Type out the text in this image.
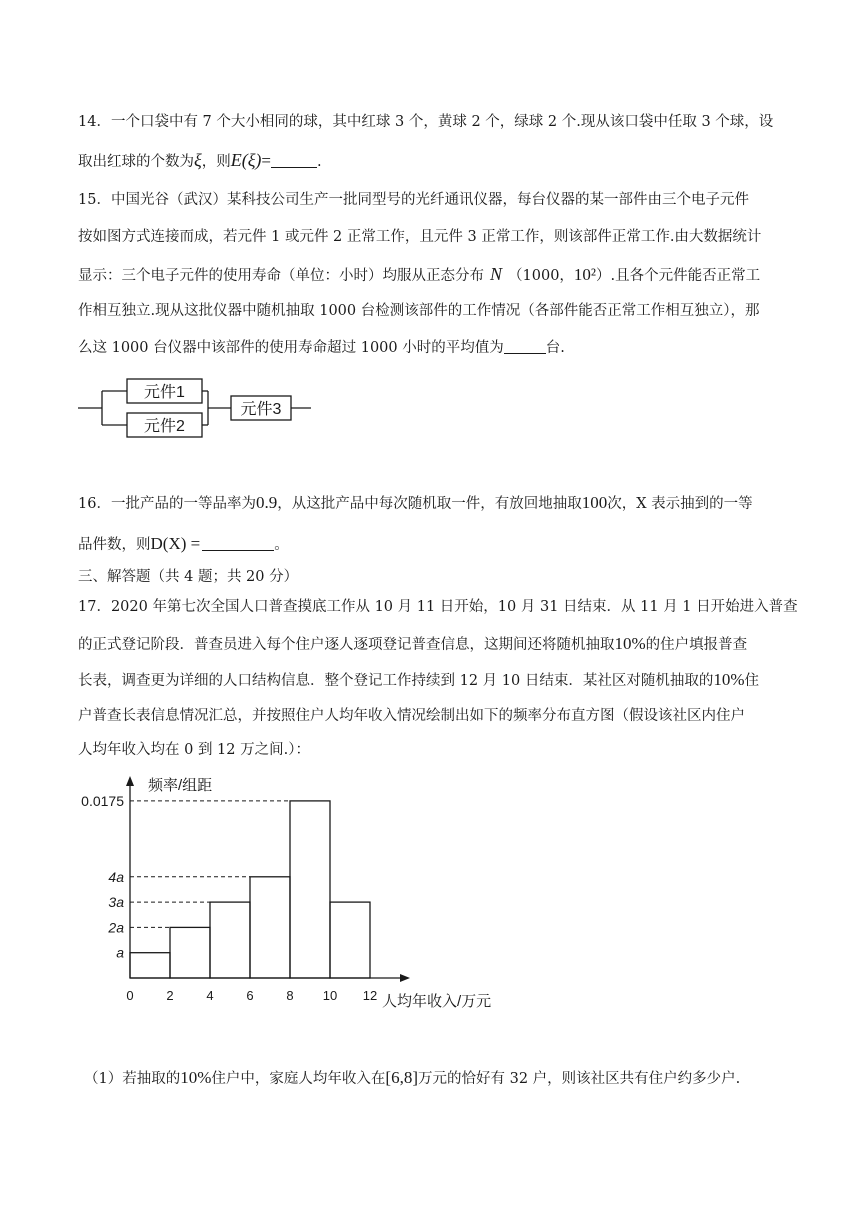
14．一个口袋中有 7 个大小相同的球，其中红球 3 个，黄球 2 个，绿球 2 个.现从该口袋中任取 3 个球，设
取出红球的个数为ξ，则E(ξ)=	.
15．中国光谷（武汉）某科技公司生产一批同型号的光纤通讯仪器，每台仪器的某一部件由三个电子元件
按如图方式连接而成，若元件 1 或元件 2 正常工作，且元件 3 正常工作，则该部件正常工作.由大数据统计
显示：三个电子元件的使用寿命（单位：小时）均服从正态分布 N （1000，10²）.且各个元件能否正常工
作相互独立.现从这批仪器中随机抽取 1000 台检测该部件的工作情况（各部件能否正常工作相互独立），那
么这 1000 台仪器中该部件的使用寿命超过 1000 小时的平均值为	台.
元件1
元件2
元件3
16．一批产品的一等品率为0.9，从这批产品中每次随机取一件，有放回地抽取100次，X 表示抽到的一等
品件数，则D(X) =	。
三、解答题（共 4 题；共 20 分）
17．2020 年第七次全国人口普查摸底工作从 10 月 11 日开始，10 月 31 日结束．从 11 月 1 日开始进入普查
的正式登记阶段．普查员进入每个住户逐人逐项登记普查信息，这期间还将随机抽取10%的住户填报普查
长表，调查更为详细的人口结构信息．整个登记工作持续到 12 月 10 日结束．某社区对随机抽取的10%住
户普查长表信息情况汇总，并按照住户人均年收入情况绘制出如下的频率分布直方图（假设该社区内住户
人均年收入均在 0 到 12 万之间.）：
a
2a
3a
4a
0.0175
0	2	4	6	8 10 12
频率/组距
人均年收入/万元
（1）若抽取的10%住户中，家庭人均年收入在[6,8]万元的恰好有 32 户，则该社区共有住户约多少户.
